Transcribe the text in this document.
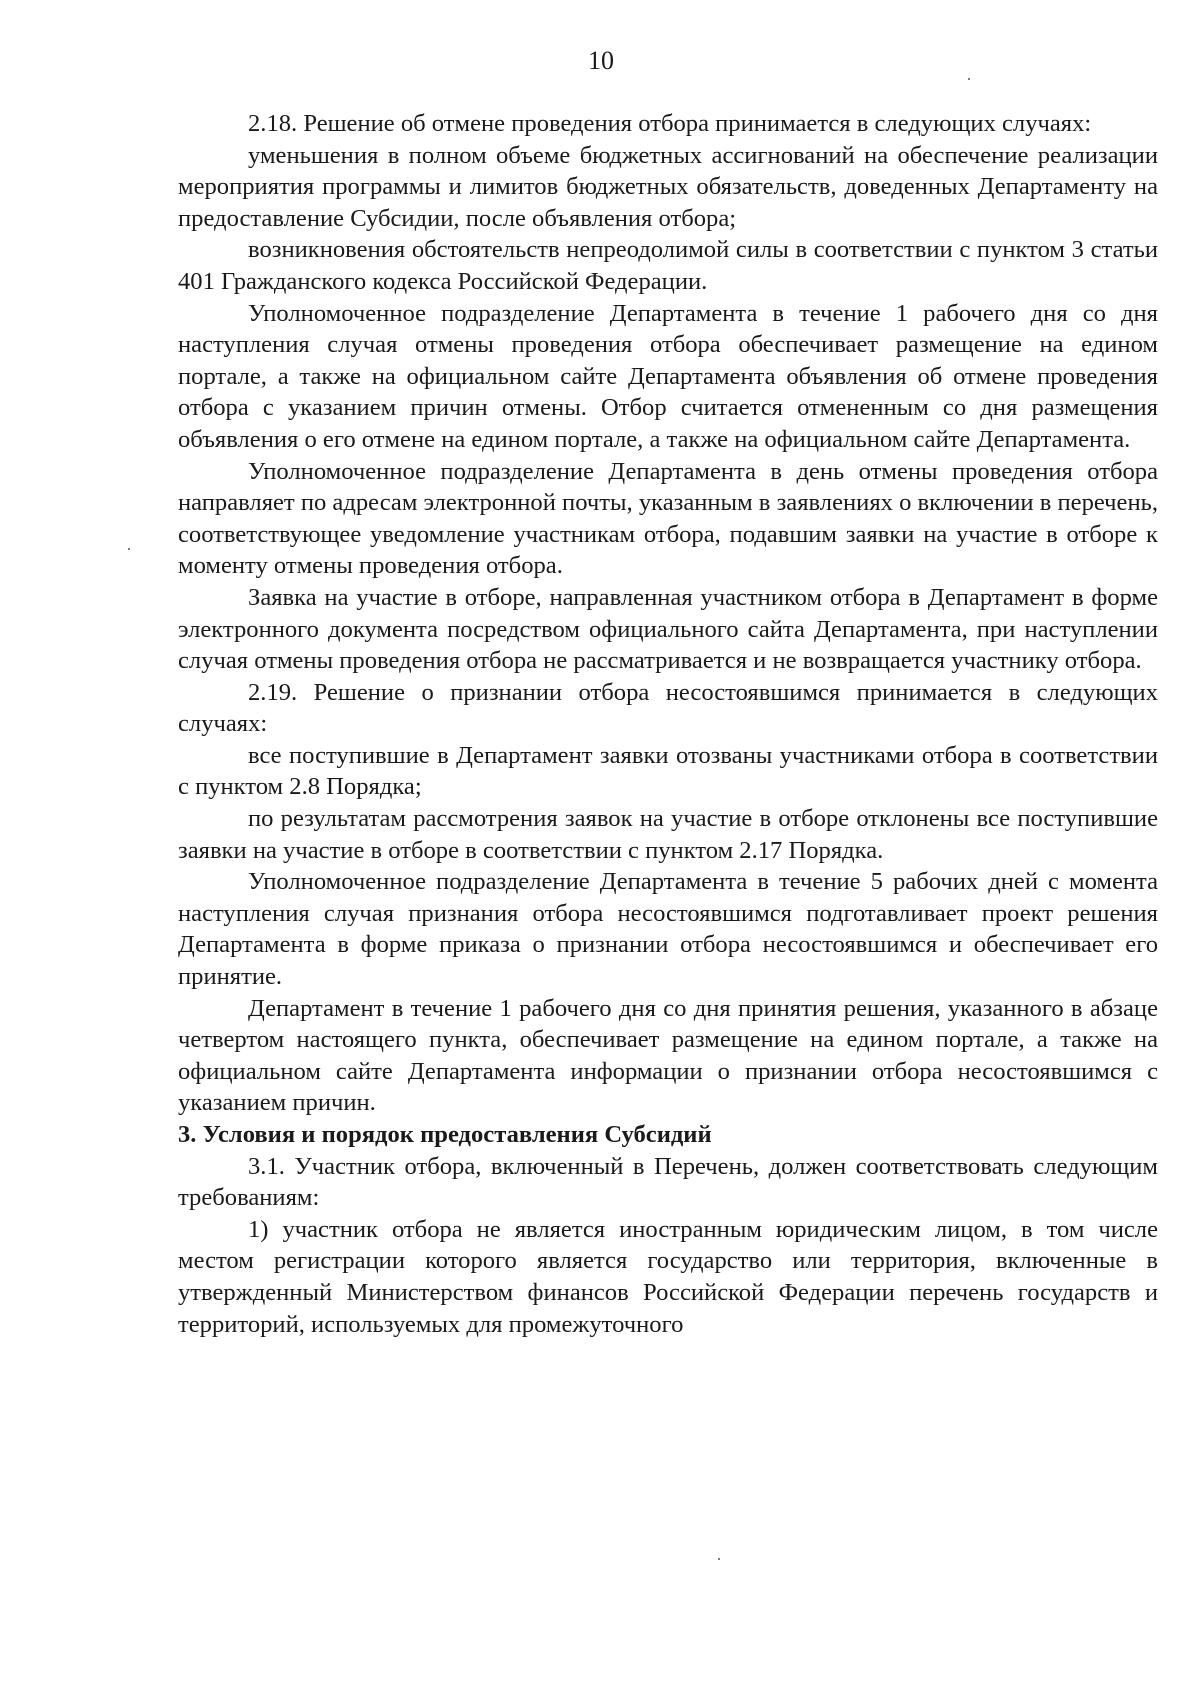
10

2.18. Решение об отмене проведения отбора принимается в следующих случаях:

уменьшения в полном объеме бюджетных ассигнований на обеспечение реализации мероприятия программы и лимитов бюджетных обязательств, доведенных Департаменту на предоставление Субсидии, после объявления отбора;

возникновения обстоятельств непреодолимой силы в соответствии с пунктом 3 статьи 401 Гражданского кодекса Российской Федерации.

Уполномоченное подразделение Департамента в течение 1 рабочего дня со дня наступления случая отмены проведения отбора обеспечивает размещение на едином портале, а также на официальном сайте Департамента объявления об отмене проведения отбора с указанием причин отмены. Отбор считается отмененным со дня размещения объявления о его отмене на едином портале, а также на официальном сайте Департамента.

Уполномоченное подразделение Департамента в день отмены проведения отбора направляет по адресам электронной почты, указанным в заявлениях о включении в перечень, соответствующее уведомление участникам отбора, подавшим заявки на участие в отборе к моменту отмены проведения отбора.

Заявка на участие в отборе, направленная участником отбора в Департамент в форме электронного документа посредством официального сайта Департамента, при наступлении случая отмены проведения отбора не рассматривается и не возвращается участнику отбора.

2.19. Решение о признании отбора несостоявшимся принимается в следующих случаях:

все поступившие в Департамент заявки отозваны участниками отбора в соответствии с пунктом 2.8 Порядка;

по результатам рассмотрения заявок на участие в отборе отклонены все поступившие заявки на участие в отборе в соответствии с пунктом 2.17 Порядка.

Уполномоченное подразделение Департамента в течение 5 рабочих дней с момента наступления случая признания отбора несостоявшимся подготавливает проект решения Департамента в форме приказа о признании отбора несостоявшимся и обеспечивает его принятие.

Департамент в течение 1 рабочего дня со дня принятия решения, указанного в абзаце четвертом настоящего пункта, обеспечивает размещение на едином портале, а также на официальном сайте Департамента информации о признании отбора несостоявшимся с указанием причин.

3. Условия и порядок предоставления Субсидий

3.1. Участник отбора, включенный в Перечень, должен соответствовать следующим требованиям:

1) участник отбора не является иностранным юридическим лицом, в том числе местом регистрации которого является государство или территория, включенные в утвержденный Министерством финансов Российской Федерации перечень государств и территорий, используемых для промежуточного
